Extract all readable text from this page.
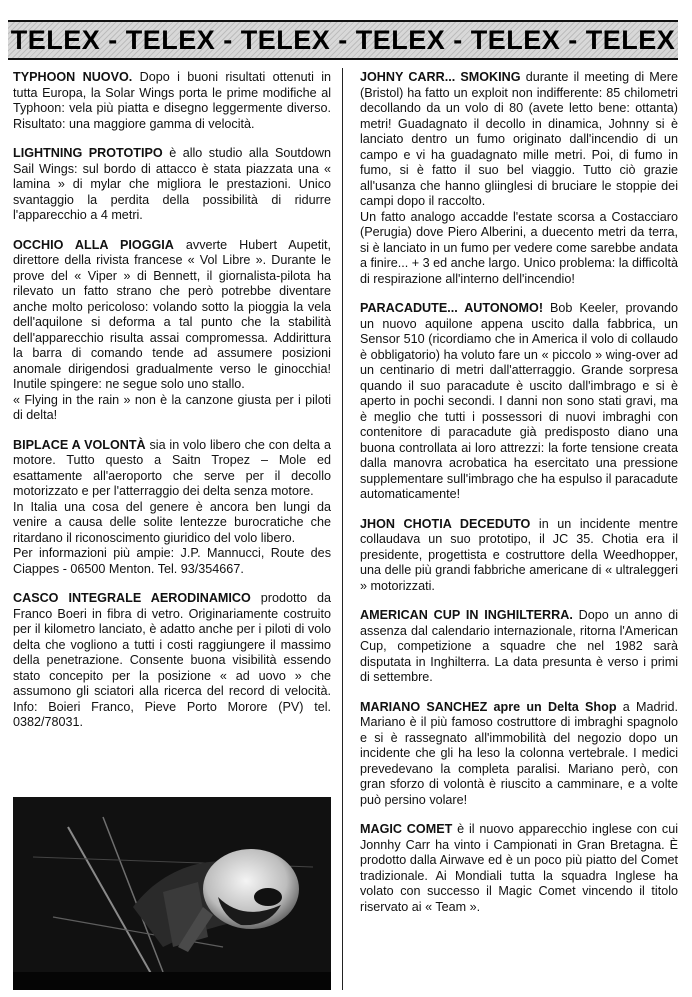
TELEX - TELEX - TELEX - TELEX - TELEX - TELEX

TYPHOON NUOVO. Dopo i buoni risultati ottenuti in tutta Europa, la Solar Wings porta le prime modifiche al Typhoon: vela più piatta e disegno leggermente diverso. Risultato: una maggiore gamma di velocità.

LIGHTNING PROTOTIPO è allo studio alla Soutdown Sail Wings: sul bordo di attacco è stata piazzata una « lamina » di mylar che migliora le prestazioni. Unico svantaggio la perdita della possibilità di ridurre l'apparecchio a 4 metri.

OCCHIO ALLA PIOGGIA avverte Hubert Aupetit, direttore della rivista francese « Vol Libre ». Durante le prove del « Viper » di Bennett, il giornalista-pilota ha rilevato un fatto strano che però potrebbe diventare anche molto pericoloso: volando sotto la pioggia la vela dell'aquilone si deforma a tal punto che la stabilità dell'apparecchio risulta assai compromessa. Addirittura la barra di comando tende ad assumere posizioni anomale dirigendosi gradualmente verso le ginocchia! Inutile spingere: ne segue solo uno stallo.

« Flying in the rain » non è la canzone giusta per i piloti di delta!

BIPLACE A VOLONTÀ sia in volo libero che con delta a motore. Tutto questo a Saitn Tropez – Mole ed esattamente all'aeroporto che serve per il decollo motorizzato e per l'atterraggio dei delta senza motore.

In Italia una cosa del genere è ancora ben lungi da venire a causa delle solite lentezze burocratiche che ritardano il riconoscimento giuridico del volo libero.

Per informazioni più ampie: J.P. Mannucci, Route des Ciappes - 06500 Menton. Tel. 93/354667.

CASCO INTEGRALE AERODINAMICO prodotto da Franco Boeri in fibra di vetro. Originariamente costruito per il kilometro lanciato, è adatto anche per i piloti di volo delta che vogliono a tutti i costi raggiungere il massimo della penetrazione. Consente buona visibilità essendo stato concepito per la posizione « ad uovo » che assumono gli sciatori alla ricerca del record di velocità. Info: Boieri Franco, Pieve Porto Morore (PV) tel. 0382/78031.

JOHNY CARR... SMOKING durante il meeting di Mere (Bristol) ha fatto un exploit non indifferente: 85 chilometri decollando da un volo di 80 (avete letto bene: ottanta) metri! Guadagnato il decollo in dinamica, Johnny si è lanciato dentro un fumo originato dall'incendio di un campo e vi ha guadagnato mille metri. Poi, di fumo in fumo, si è fatto il suo bel viaggio. Tutto ciò grazie all'usanza che hanno gliinglesi di bruciare le stoppie dei campi dopo il raccolto.

Un fatto analogo accadde l'estate scorsa a Costacciaro (Perugia) dove Piero Alberini, a duecento metri da terra, si è lanciato in un fumo per vedere come sarebbe andata a finire... + 3 ed anche largo. Unico problema: la difficoltà di respirazione all'interno dell'incendio!

PARACADUTE... AUTONOMO! Bob Keeler, provando un nuovo aquilone appena uscito dalla fabbrica, un Sensor 510 (ricordiamo che in America il volo di collaudo è obbligatorio) ha voluto fare un « piccolo » wing-over ad un centinario di metri dall'atterraggio. Grande sorpresa quando il suo paracadute è uscito dall'imbrago e si è aperto in pochi secondi. I danni non sono stati gravi, ma è meglio che tutti i possessori di nuovi imbraghi con contenitore di paracadute già predisposto diano una buona controllata ai loro attrezzi: la forte tensione creata dalla manovra acrobatica ha esercitato una pressione supplementare sull'imbrago che ha espulso il paracadute automaticamente!

JHON CHOTIA DECEDUTO in un incidente mentre collaudava un suo prototipo, il JC 35. Chotia era il presidente, progettista e costruttore della Weedhopper, una delle più grandi fabbriche americane di « ultraleggeri » motorizzati.

AMERICAN CUP IN INGHILTERRA. Dopo un anno di assenza dal calendario internazionale, ritorna l'American Cup, competizione a squadre che nel 1982 sarà disputata in Inghilterra. La data presunta è verso i primi di settembre.

MARIANO SANCHEZ apre un Delta Shop a Madrid. Mariano è il più famoso costruttore di imbraghi spagnolo e si è rassegnato all'immobilità del negozio dopo un incidente che gli ha leso la colonna vertebrale. I medici prevedevano la completa paralisi. Mariano però, con gran sforzo di volontà è riuscito a camminare, e a volte può persino volare!

MAGIC COMET è il nuovo apparecchio inglese con cui Jonnhy Carr ha vinto i Campionati in Gran Bretagna. È prodotto dalla Airwave ed è un poco più piatto del Comet tradizionale. Ai Mondiali tutta la squadra Inglese ha volato con successo il Magic Comet vincendo il titolo riservato ai « Team ».
